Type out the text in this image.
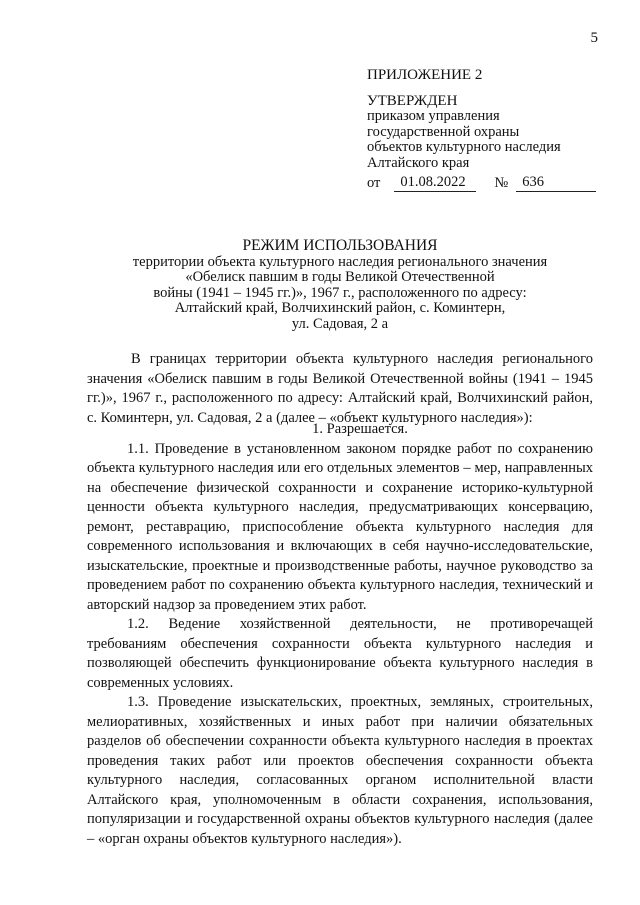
5
ПРИЛОЖЕНИЕ 2
УТВЕРЖДЕН
приказом управления
государственной охраны
объектов культурного наследия
Алтайского края
от	01.08.2022	№ 636
РЕЖИМ ИСПОЛЬЗОВАНИЯ
территории объекта культурного наследия регионального значения
«Обелиск павшим в годы Великой Отечественной
войны (1941 – 1945 гг.)», 1967 г., расположенного по адресу:
Алтайский край, Волчихинский район, с. Коминтерн,
ул. Садовая, 2 а

В границах территории объекта культурного наследия регионального значения «Обелиск павшим в годы Великой Отечественной войны (1941 – 1945 гг.)», 1967 г., расположенного по адресу: Алтайский край, Волчихинский район, с. Коминтерн, ул. Садовая, 2 а (далее – «объект культурного наследия»):

1. Разрешается.

1.1. Проведение в установленном законом порядке работ по сохранению объекта культурного наследия или его отдельных элементов – мер, направленных на обеспечение физической сохранности и сохранение историко-культурной ценности объекта культурного наследия, предусматривающих консервацию, ремонт, реставрацию, приспособление объекта культурного наследия для современного использования и включающих в себя научно-исследовательские, изыскательские, проектные и производственные работы, научное руководство за проведением работ по сохранению объекта культурного наследия, технический и авторский надзор за проведением этих работ.

1.2. Ведение хозяйственной деятельности, не противоречащей требованиям обеспечения сохранности объекта культурного наследия и позволяющей обеспечить функционирование объекта культурного наследия в современных условиях.

1.3. Проведение изыскательских, проектных, земляных, строительных, мелиоративных, хозяйственных и иных работ при наличии обязательных разделов об обеспечении сохранности объекта культурного наследия в проектах проведения таких работ или проектов обеспечения сохранности объекта культурного наследия, согласованных органом исполнительной власти Алтайского края, уполномоченным в области сохранения, использования, популяризации и государственной охраны объектов культурного наследия (далее – «орган охраны объектов культурного наследия»).
